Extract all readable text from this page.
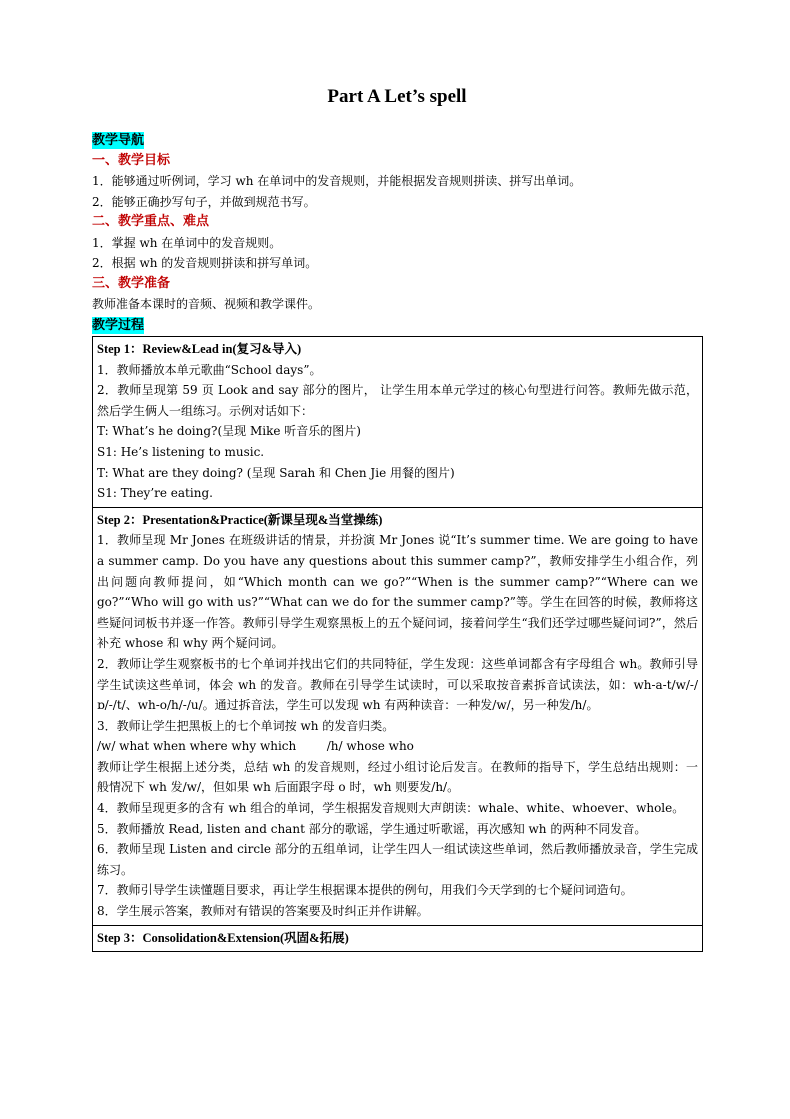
Part A Let’s spell
教学导航
一、教学目标
1．能够通过听例词，学习 wh 在单词中的发音规则，并能根据发音规则拼读、拼写出单词。
2．能够正确抄写句子，并做到规范书写。
二、教学重点、难点
1．掌握 wh 在单词中的发音规则。
2．根据 wh 的发音规则拼读和拼写单词。
三、教学准备
教师准备本课时的音频、视频和教学课件。
教学过程
Step 1：Review&Lead in(复习&导入)
1．教师播放本单元歌曲“School days”。
2．教师呈现第 59 页 Look and say 部分的图片， 让学生用本单元学过的核心句型进行问答。教师先做示范，然后学生俩人一组练习。示例对话如下：
T: What’s he doing?(呈现 Mike 听音乐的图片)
S1: He’s listening to music.
T: What are they doing? (呈现 Sarah 和 Chen Jie 用餐的图片)
S1: They’re eating.

Step 2：Presentation&Practice(新课呈现&当堂操练)
1．教师呈现 Mr Jones 在班级讲话的情景，并扮演 Mr Jones 说“It’s summer time. We are going to have a summer camp. Do you have any questions about this summer camp?”，教师安排学生小组合作，列出问题向教师提问，如“Which month can we go?”“When is the summer camp?”“Where can we go?”“Who will go with us?”“What can we do for the summer camp?”等。学生在回答的时候，教师将这些疑问词板书并逐一作答。教师引导学生观察黑板上的五个疑问词，接着问学生“我们还学过哪些疑问词?”，然后补充 whose 和 why 两个疑问词。
2．教师让学生观察板书的七个单词并找出它们的共同特征，学生发现：这些单词都含有字母组合 wh。教师引导学生试读这些单词，体会 wh 的发音。教师在引导学生试读时，可以采取按音素拆音试读法，如：wh-a-t/w/-/ɒ/-/t/、wh-o/h/-/u/。通过拆音法，学生可以发现 wh 有两种读音：一种发/w/，另一种发/h/。
3．教师让学生把黑板上的七个单词按 wh 的发音归类。
/w/ what when where why which        /h/ whose who
教师让学生根据上述分类，总结 wh 的发音规则，经过小组讨论后发言。在教师的指导下，学生总结出规则：一般情况下 wh 发/w/，但如果 wh 后面跟字母 o 时，wh 则要发/h/。
4．教师呈现更多的含有 wh 组合的单词，学生根据发音规则大声朗读：whale、white、whoever、whole。
5．教师播放 Read, listen and chant 部分的歌谣，学生通过听歌谣，再次感知 wh 的两种不同发音。
6．教师呈现 Listen and circle 部分的五组单词，让学生四人一组试读这些单词，然后教师播放录音，学生完成练习。
7．教师引导学生读懂题目要求，再让学生根据课本提供的例句，用我们今天学到的七个疑问词造句。
8．学生展示答案，教师对有错误的答案要及时纠正并作讲解。

Step 3：Consolidation&Extension(巩固&拓展)
